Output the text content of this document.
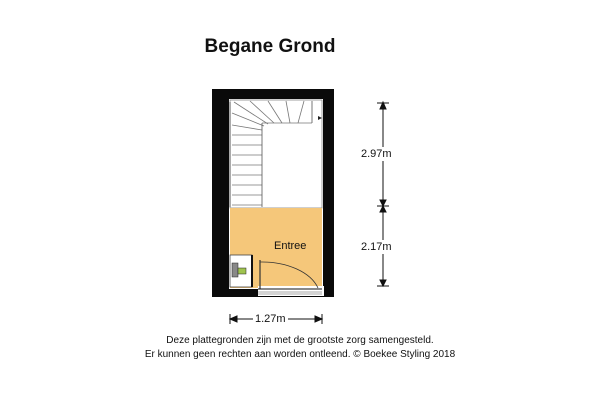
Begane Grond
Entree
2.97m
2.17m
1.27m
Deze plattegronden zijn met de grootste zorg samengesteld.
Er kunnen geen rechten aan worden ontleend. © Boekee Styling 2018
